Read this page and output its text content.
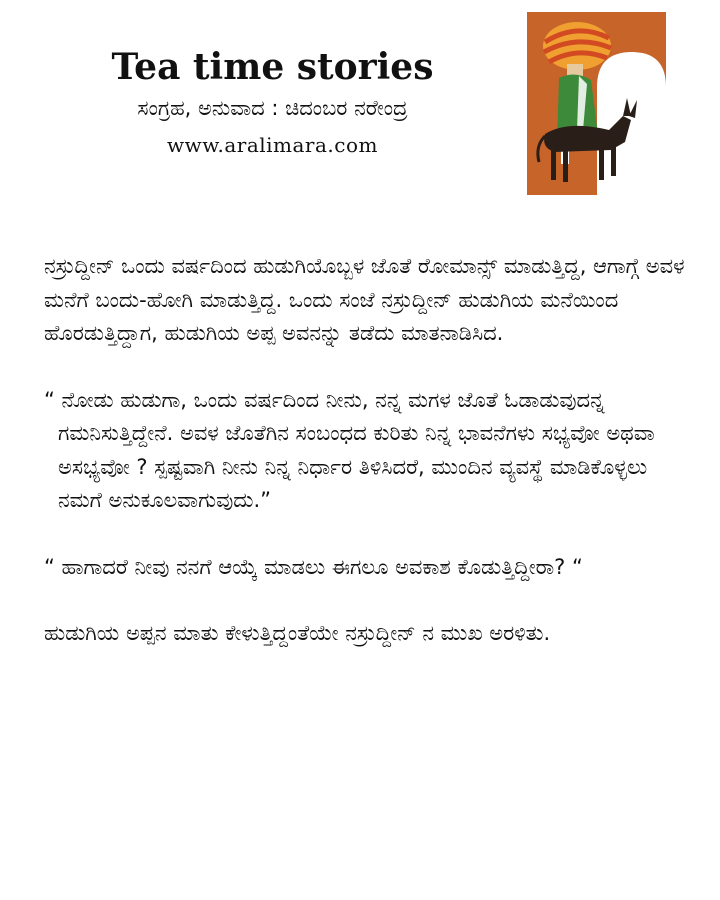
Tea time stories
ಸಂಗ್ರಹ, ಅನುವಾದ : ಚಿದಂಬರ ನರೇಂದ್ರ
www.aralimara.com

ನಸ್ರುದ್ದೀನ್ ಒಂದು ವರ್ಷದಿಂದ ಹುಡುಗಿಯೊಬ್ಬಳ ಜೊತೆ ರೋಮಾನ್ಸ್ ಮಾಡುತ್ತಿದ್ದ, ಆಗಾಗ್ಗೆ ಅವಳ ಮನೆಗೆ ಬಂದು-ಹೋಗಿ ಮಾಡುತ್ತಿದ್ದ. ಒಂದು ಸಂಜೆ ನಸ್ರುದ್ದೀನ್ ಹುಡುಗಿಯ ಮನೆಯಿಂದ ಹೊರಡುತ್ತಿದ್ದಾಗ, ಹುಡುಗಿಯ ಅಪ್ಪ ಅವನನ್ನು ತಡೆದು ಮಾತನಾಡಿಸಿದ.

“ ನೋಡು ಹುಡುಗಾ, ಒಂದು ವರ್ಷದಿಂದ ನೀನು, ನನ್ನ ಮಗಳ ಜೊತೆ ಓಡಾಡುವುದನ್ನ ಗಮನಿಸುತ್ತಿದ್ದೇನೆ. ಅವಳ ಜೊತೆಗಿನ ಸಂಬಂಧದ ಕುರಿತು ನಿನ್ನ ಭಾವನೆಗಳು ಸಭ್ಯವೋ ಅಥವಾ ಅಸಭ್ಯವೋ ? ಸ್ಪಷ್ಟವಾಗಿ ನೀನು ನಿನ್ನ ನಿರ್ಧಾರ ತಿಳಿಸಿದರೆ, ಮುಂದಿನ ವ್ಯವಸ್ಥೆ ಮಾಡಿಕೊಳ್ಳಲು ನಮಗೆ ಅನುಕೂಲವಾಗುವುದು.”

“ ಹಾಗಾದರೆ ನೀವು ನನಗೆ ಆಯ್ಕೆ ಮಾಡಲು ಈಗಲೂ ಅವಕಾಶ ಕೊಡುತ್ತಿದ್ದೀರಾ? “

ಹುಡುಗಿಯ ಅಪ್ಪನ ಮಾತು ಕೇಳುತ್ತಿದ್ದಂತೆಯೇ ನಸ್ರುದ್ದೀನ್ ನ ಮುಖ ಅರಳಿತು.
